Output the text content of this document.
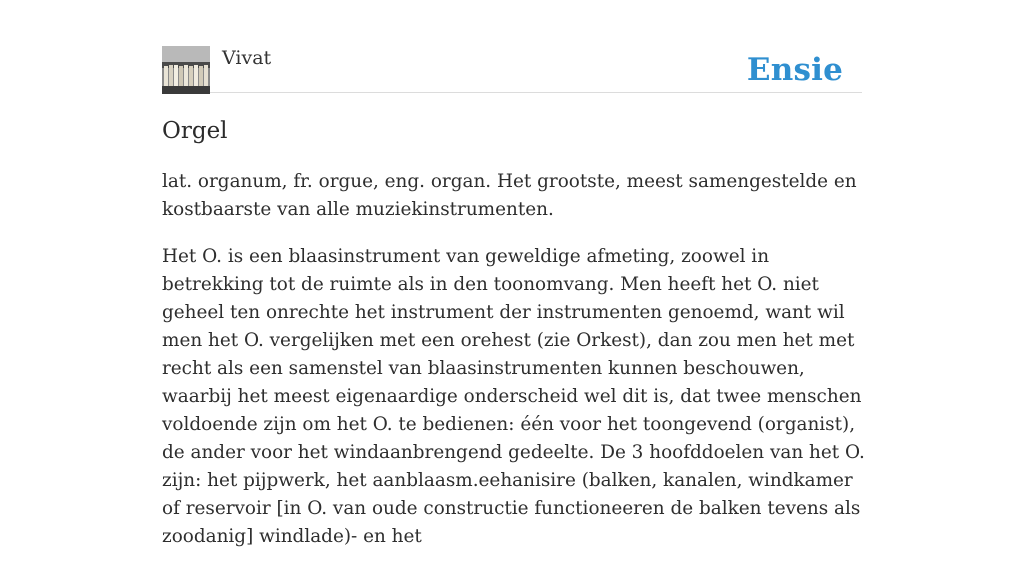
Vivat	Ensie
Orgel

lat. organum, fr. orgue, eng. organ. Het grootste, meest samengestelde en kostbaarste van alle muziekinstrumenten.

Het O. is een blaasinstrument van geweldige afmeting, zoowel in betrekking tot de ruimte als in den toonomvang. Men heeft het O. niet geheel ten onrechte het instrument der instrumenten genoemd, want wil men het O. vergelijken met een orehest (zie Orkest), dan zou men het met recht als een samenstel van blaasinstrumenten kunnen beschouwen, waarbij het meest eigenaardige onderscheid wel dit is, dat twee menschen voldoende zijn om het O. te bedienen: één voor het toongevend (organist), de ander voor het windaanbrengend gedeelte. De 3 hoofddoelen van het O. zijn: het pijpwerk, het aanblaasm.eehanisire (balken, kanalen, windkamer of reservoir [in O. van oude constructie functioneeren de balken tevens als zoodanig] windlade)- en het
